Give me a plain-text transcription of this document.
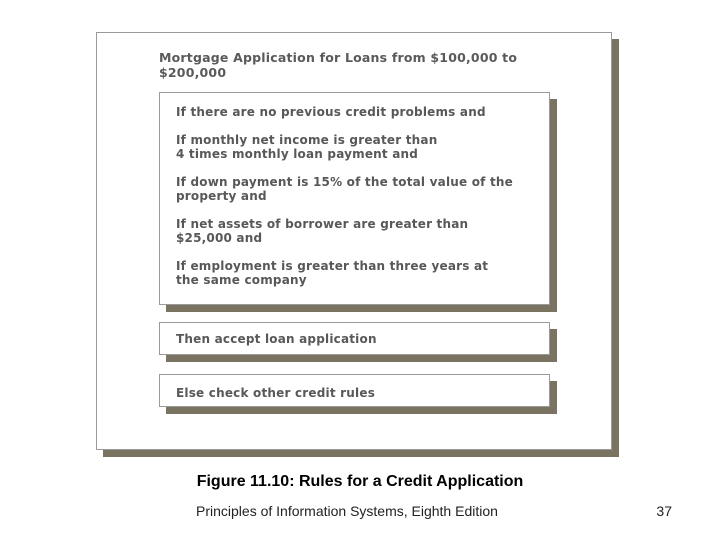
Mortgage Application for Loans from $100,000 to
$200,000
If there are no previous credit problems and
If monthly net income is greater than
4 times monthly loan payment and
If down payment is 15% of the total value of the
property and
If net assets of borrower are greater than
$25,000 and
If employment is greater than three years at
the same company
Then accept loan application
Else check other credit rules
Figure 11.10: Rules for a Credit Application
Principles of Information Systems, Eighth Edition	37
